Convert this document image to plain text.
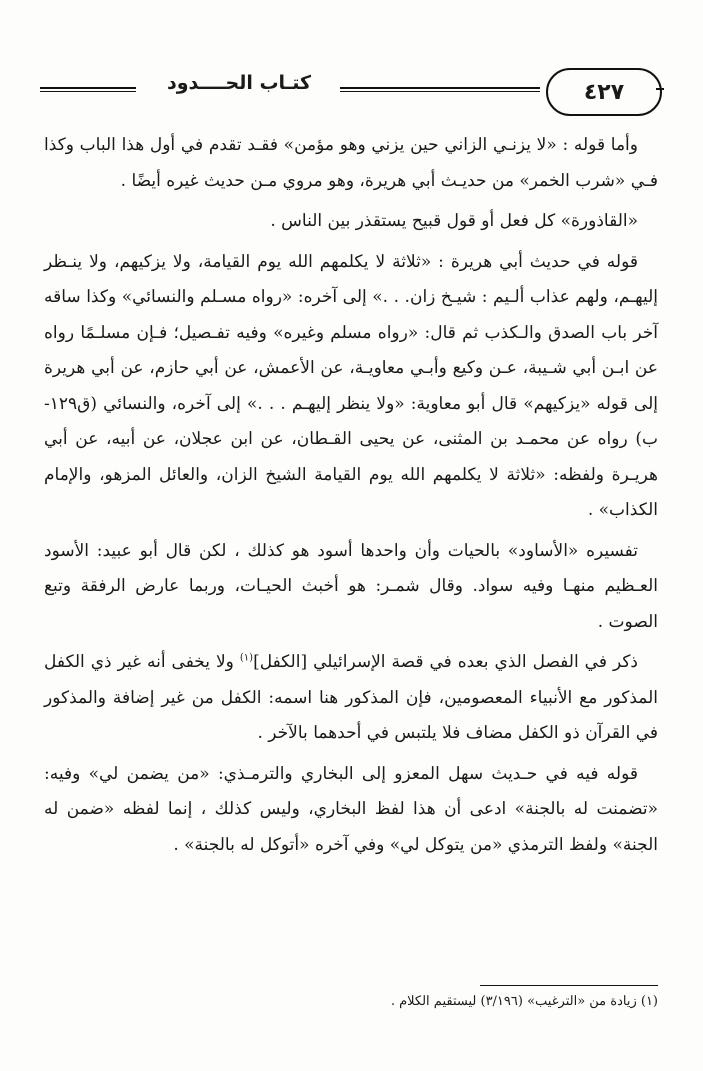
كتـاب الحــــدود	٤٢٧

وأما قوله : «لا يزنـي الزاني حين يزني وهو مؤمن» فقـد تقدم في أول هذا الباب وكذا فـي «شرب الخمر» من حديـث أبي هريرة، وهو مروي مـن حديث غيره أيضًا .

«القاذورة» كل فعل أو قول قبيح يستقذر بين الناس .

قوله في حديث أبي هريرة : «ثلاثة لا يكلمهم الله يوم القيامة، ولا يزكيهم، ولا ينـظر إليهـم، ولهم عذاب ألـيم : شيـخ زان. . .» إلى آخره: «رواه مسـلم والنسائي» وكذا ساقه آخر باب الصدق والـكذب ثم قال: «رواه مسلم وغيره» وفيه تفـصيل؛ فـإن مسلـمًا رواه عن ابـن أبي شـيبة، عـن وكيع وأبـي معاويـة، عن الأعمش، عن أبي حازم، عن أبي هريرة إلى قوله «يزكيهم» قال أبو معاوية: «ولا ينظر إليهـم . . .» إلى آخره، والنسائي (ق١٢٩-ب) رواه عن محمـد بن المثنى، عن يحيى القـطان، عن ابن عجلان، عن أبيه، عن أبي هريـرة ولفظه: «ثلاثة لا يكلمهم الله يوم القيامة الشيخ الزان، والعائل المزهو، والإمام الكذاب» .

تفسيره «الأساود» بالحيات وأن واحدها أسود هو كذلك ، لكن قال أبو عبيد: الأسود العـظيم منهـا وفيه سواد. وقال شمـر: هو أخبث الحيـات، وربما عارض الرفقة وتبع الصوت .

ذكر في الفصل الذي بعده في قصة الإسرائيلي [الكفل]$^{(١)}$ ولا يخفى أنه غير ذي الكفل المذكور مع الأنبياء المعصومين، فإن المذكور هنا اسمه: الكفل من غير إضافة والمذكور في القرآن ذو الكفل مضاف فلا يلتبس في أحدهما بالآخر .

قوله فيه في حـديث سهل المعزو إلى البخاري والترمـذي: «من يضمن لي» وفيه: «تضمنت له بالجنة» ادعى أن هذا لفظ البخاري، وليس كذلك ، إنما لفظه «ضمن له الجنة» ولفظ الترمذي «من يتوكل لي» وفي آخره «أتوكل له بالجنة» .

(١) زيادة من «الترغيب» (٣/١٩٦) ليستقيم الكلام .
